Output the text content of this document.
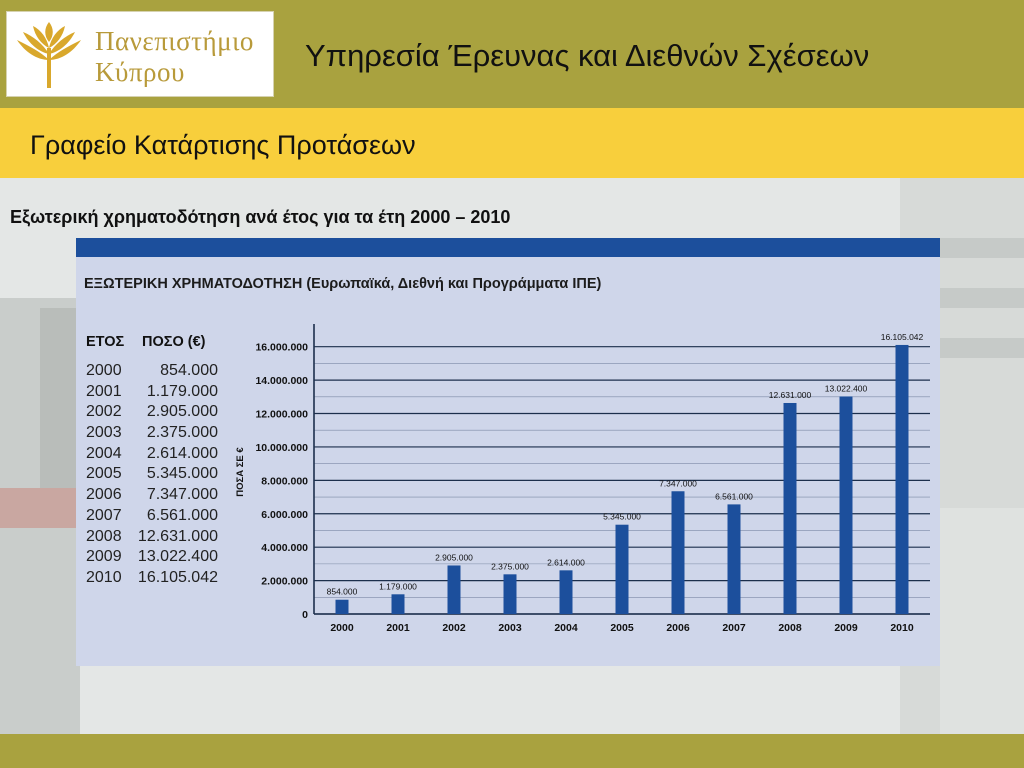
Πανεπιστήμιο
Κύπρου	Υπηρεσία Έρευνας και Διεθνών Σχέσεων
Γραφείο Κατάρτισης Προτάσεων
Εξωτερική χρηματοδότηση ανά έτος για τα έτη 2000 – 2010
ΕΞΩΤΕΡΙΚΗ ΧΡΗΜΑΤΟΔΟΤΗΣΗ (Ευρωπαϊκά, Διεθνή και Προγράμματα ΙΠΕ)
ΕΤΟΣ ΠΟΣΟ (€)
2000 854.000
2001 1.179.000
2002 2.905.000
2003 2.375.000
2004 2.614.000
2005 5.345.000
2006 7.347.000
2007 6.561.000
2008 12.631.000
2009 13.022.400
2010 16.105.042
0
2.000.000
4.000.000
6.000.000
8.000.000
10.000.000
12.000.000
14.000.000
16.000.000
ΠΟΣΑ ΣΕ €
854.000
2000
1.179.000
2001
2.905.000
2002
2.375.000
2003
2.614.000
2004
5.345.000
2005
7.347.000
2006
6.561.000
2007
12.631.000
2008
13.022.400
2009
16.105.042
2010
